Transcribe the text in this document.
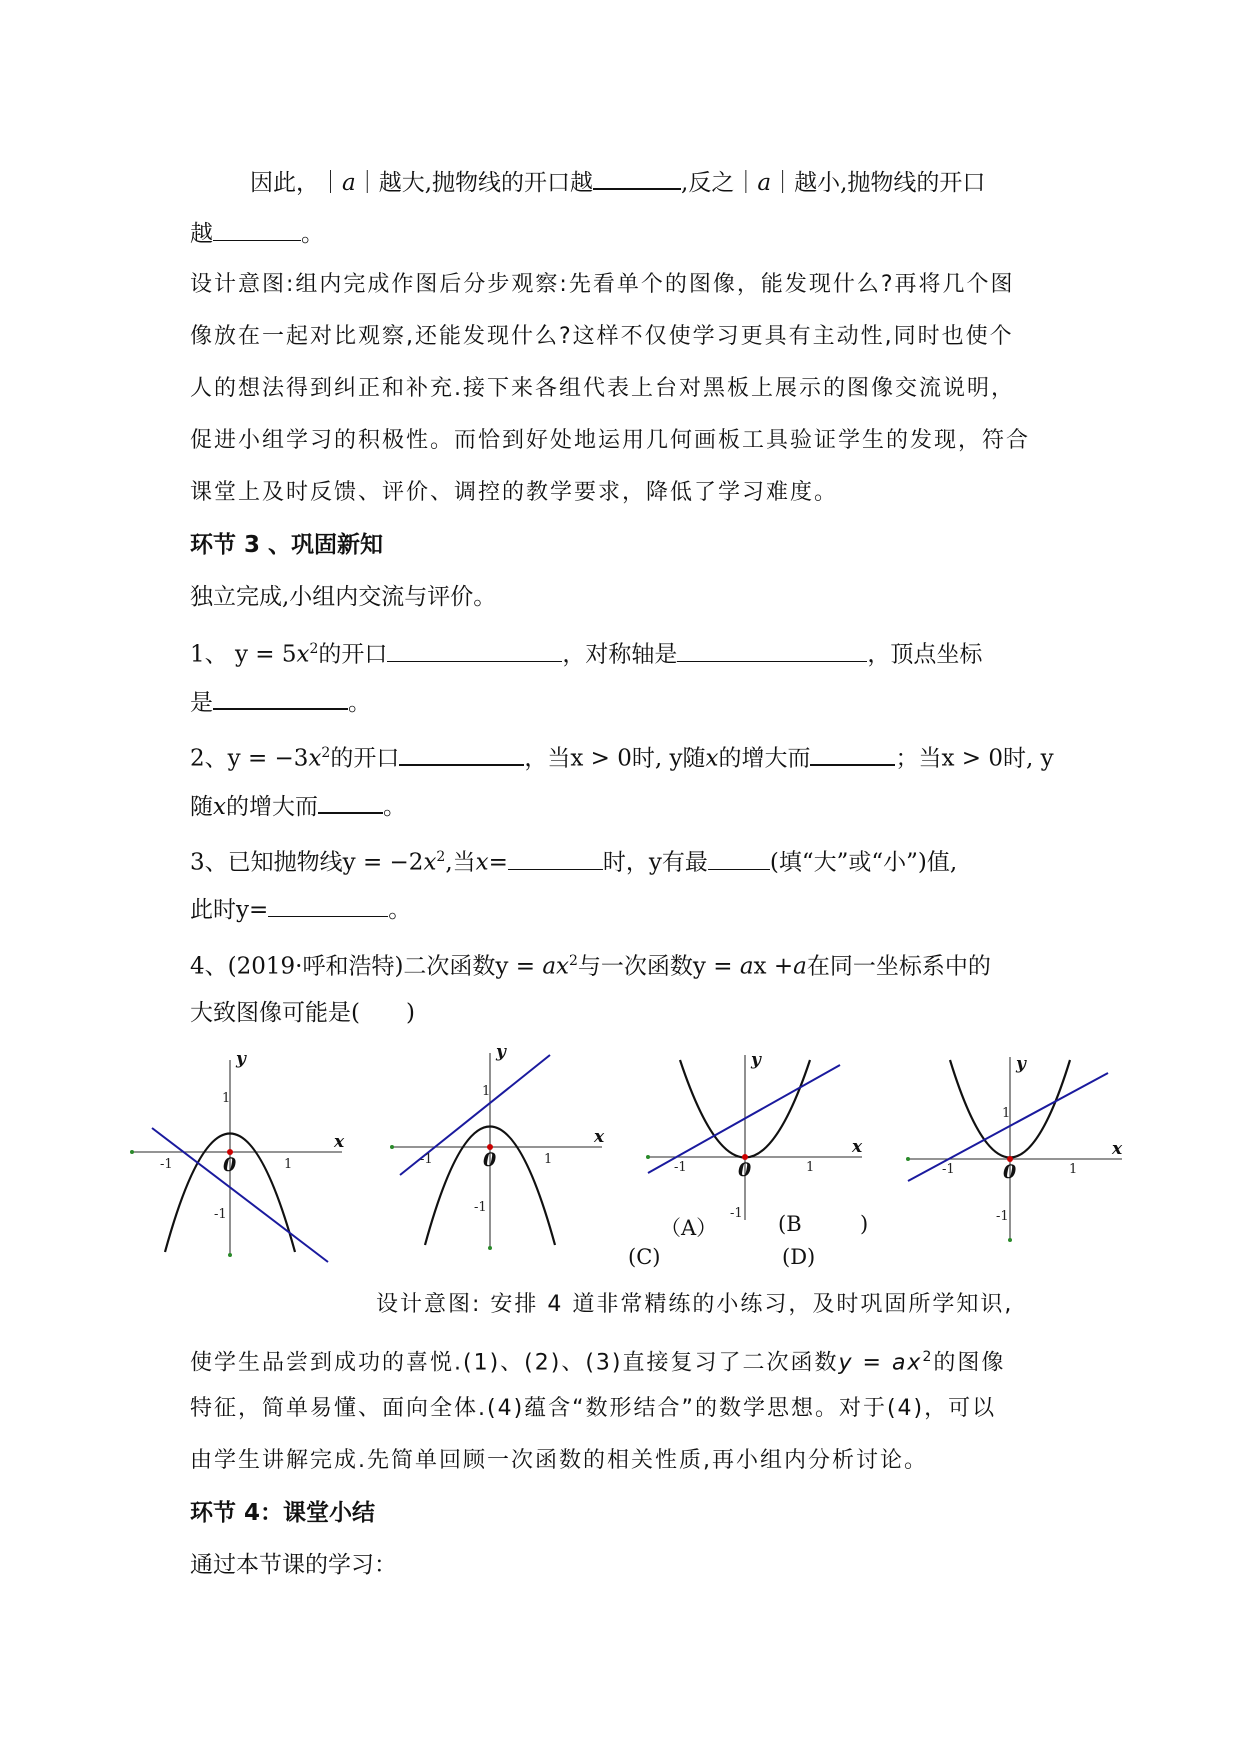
因此，｜a｜越大,抛物线的开口越	,反之｜a｜越小,抛物线的开口
越	。
设计意图:组内完成作图后分步观察:先看单个的图像，能发现什么?再将几个图
像放在一起对比观察,还能发现什么?这样不仅使学习更具有主动性,同时也使个
人的想法得到纠正和补充.接下来各组代表上台对黑板上展示的图像交流说明，
促进小组学习的积极性。而恰到好处地运用几何画板工具验证学生的发现，符合
课堂上及时反馈、评价、调控的教学要求，降低了学习难度。
环节 3 、巩固新知
独立完成,小组内交流与评价。
1、 $y = 5x^2$的开口	，对称轴是	，顶点坐标
是	。
2、$y = -3x^2$的开口	，当x > 0时, y随x的增大而	；当x > 0时, y
随x的增大而	。
3、已知抛物线$y = -2x^2$,当x=	时，y有最	(填“大”或“小”)值,
此时y=	。
4、(2019·呼和浩特)二次函数$y = ax^2$与一次函数y = ax +a在同一坐标系中的
大致图像可能是(　　)
y
x
0
1
1
-1
-1
y
x
0
1
1
-1
-1
y
x
0	1
-1
-1
y
x
0
1
1
-1
-1
（A）	(B	)
(C)	(D)
设计意图: 安排 4 道非常精练的小练习，及时巩固所学知识,
使学生品尝到成功的喜悦.(1)、(2)、(3)直接复习了二次函数$y = ax^2$的图像
特征，简单易懂、面向全体.(4)蕴含“数形结合”的数学思想。对于(4)，可以
由学生讲解完成.先简单回顾一次函数的相关性质,再小组内分析讨论。
环节 4：课堂小结
通过本节课的学习：
